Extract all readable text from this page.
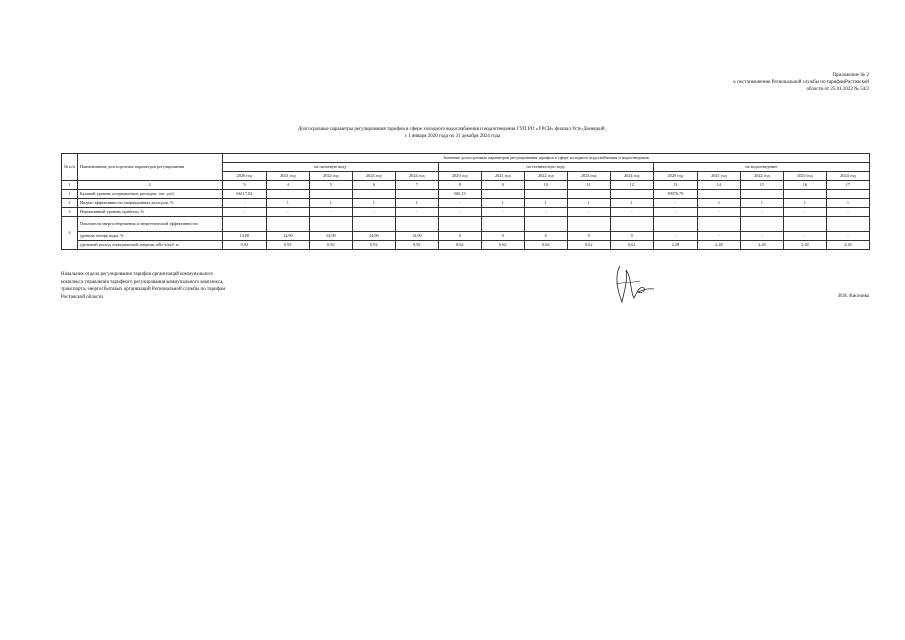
Приложение № 2
к постановлению Региональной службы по тарифамРостовской
области от 25.01.2022 № 54/2
Долгосрочные параметры регулирования тарифов в сфере холодного водоснабжения и водоотведения ГУП РО «УРСВ» филиал Усть-Донецкий ,
с 1 января 2020 года по 31 декабря 2024 года
№ п/п	Наименование долгосрочных параметров регулирования	Значение долгосрочных параметров регулирования тарифов в сфере холодного водоснабжения и водоотведения														
		на питьевую воду					на техническую воду					на водоотведение				
		2020 год	2021 год	2022 год	2023 год	2024 год	2020 год	2021 год	2022 год	2023 год	2024 год	2020 год	2021 год	2022 год	2023 год	2024 год
1	2	3	4	5	6	7	8	9	10	11	12	13	14	15	16	17
1	Базовый уровень операционных расходов, тыс. руб.	66117,02					506,15					39976,78				
2	Индекс эффективности операционных расходов, %	-	1	1	1	1	-	1	1	1	1	-	1	1	1	1
3	Нормативный уровень прибыли, %	-	-	-	-	-	-	-	-	-	-	-	-	-	-	-
4	Показатели энергосбережения и энергетической эффективности:															
	уровень потерь воды, %	14,90	14,90	14,90	14,90	14,90	0	0	0	0	0	-	-	-	-	-
	удельный расход электрической энергии, кВт ч/куб. м	0,92	0,92	0,92	0,92	0,92	0,62	0,62	0,62	0,62	0,62	2,28	2,28	2,28	2,28	2,28
Начальник отдела регулирования тарифов организаций коммунального
комплекса управления тарифного регулирования коммунального комплекса,
транспорта, энергосбытовых организаций Региональной службы по тарифам
Ростовской области	И.Н. Киселева
